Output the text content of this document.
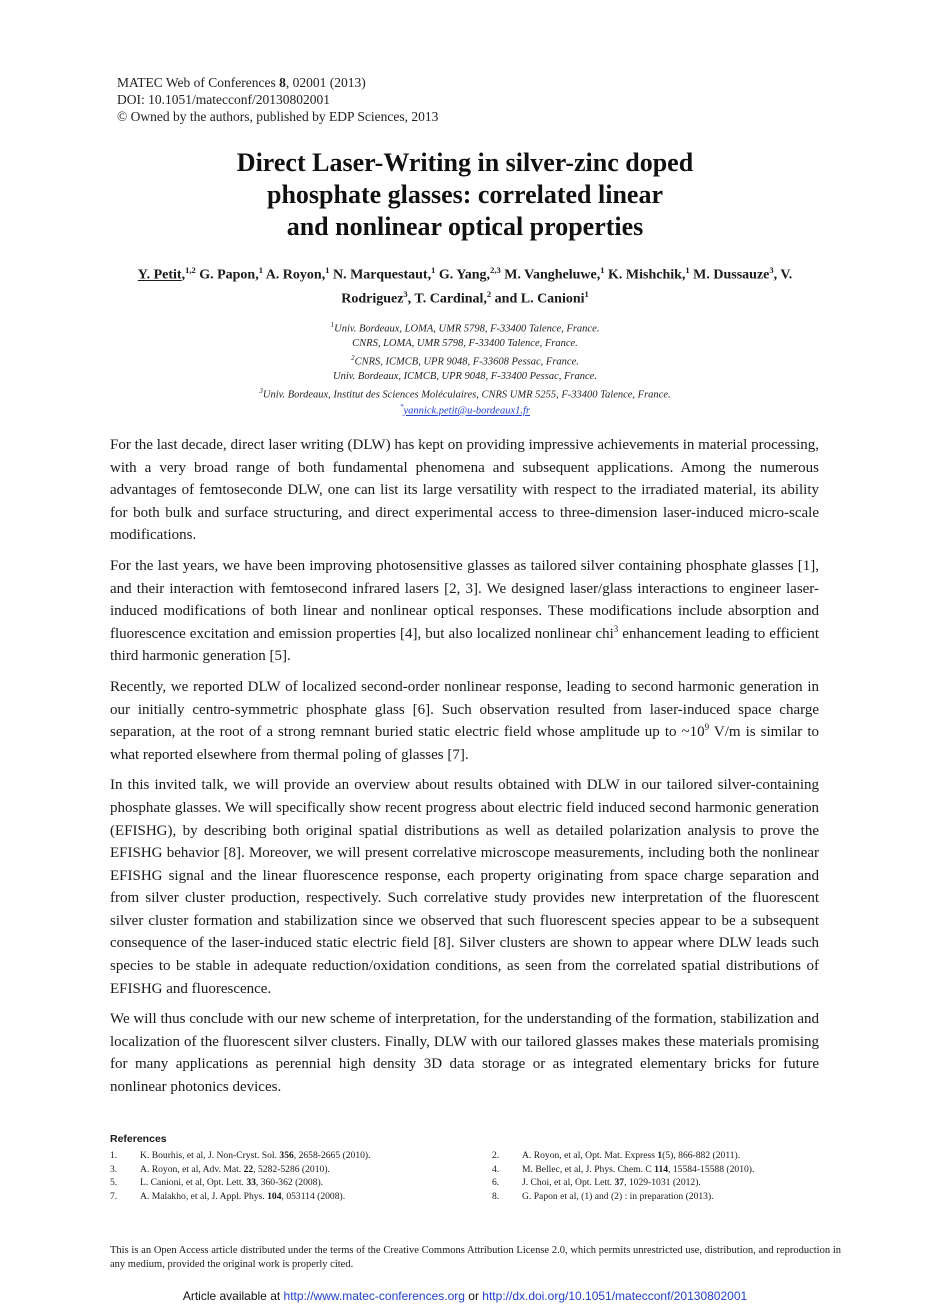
MATEC Web of Conferences 8, 02001 (2013)
DOI: 10.1051/matecconf/20130802001
© Owned by the authors, published by EDP Sciences, 2013
Direct Laser-Writing in silver-zinc doped
phosphate glasses: correlated linear
and nonlinear optical properties
Y. Petit,$^{1,2}$ G. Papon,$^1$ A. Royon,$^1$ N. Marquestaut,$^1$ G. Yang,$^{2,3}$ M. Vangheluwe,$^1$ K. Mishchik,$^1$ M. Dussauze$^3$, V. Rodriguez$^3$, T. Cardinal,$^2$ and L. Canioni$^1$
$^1$Univ. Bordeaux, LOMA, UMR 5798, F-33400 Talence, France.
CNRS, LOMA, UMR 5798, F-33400 Talence, France.
$^2$CNRS, ICMCB, UPR 9048, F-33608 Pessac, France.
Univ. Bordeaux, ICMCB, UPR 9048, F-33400 Pessac, France.
$^3$Univ. Bordeaux, Institut des Sciences Moléculaires, CNRS UMR 5255, F-33400 Talence, France.
*yannick.petit@u-bordeaux1.fr

For the last decade, direct laser writing (DLW) has kept on providing impressive achievements in material processing, with a very broad range of both fundamental phenomena and subsequent applications. Among the numerous advantages of femtoseconde DLW, one can list its large versatility with respect to the irradiated material, its ability for both bulk and surface structuring, and direct experimental access to three-dimension laser-induced micro-scale modifications.

For the last years, we have been improving photosensitive glasses as tailored silver containing phosphate glasses [1], and their interaction with femtosecond infrared lasers [2, 3]. We designed laser/glass interactions to engineer laser-induced modifications of both linear and nonlinear optical responses. These modifications include absorption and fluorescence excitation and emission properties [4], but also localized nonlinear chi$^3$ enhancement leading to efficient third harmonic generation [5].

Recently, we reported DLW of localized second-order nonlinear response, leading to second harmonic generation in our initially centro-symmetric phosphate glass [6]. Such observation resulted from laser-induced space charge separation, at the root of a strong remnant buried static electric field whose amplitude up to $\sim 10^9$ V/m is similar to what reported elsewhere from thermal poling of glasses [7].

In this invited talk, we will provide an overview about results obtained with DLW in our tailored silver-containing phosphate glasses. We will specifically show recent progress about electric field induced second harmonic generation (EFISHG), by describing both original spatial distributions as well as detailed polarization analysis to prove the EFISHG behavior [8]. Moreover, we will present correlative microscope measurements, including both the nonlinear EFISHG signal and the linear fluorescence response, each property originating from space charge separation and from silver cluster production, respectively. Such correlative study provides new interpretation of the fluorescent silver cluster formation and stabilization since we observed that such fluorescent species appear to be a subsequent consequence of the laser-induced static electric field [8]. Silver clusters are shown to appear where DLW leads such species to be stable in adequate reduction/oxidation conditions, as seen from the correlated spatial distributions of EFISHG and fluorescence.

We will thus conclude with our new scheme of interpretation, for the understanding of the formation, stabilization and localization of the fluorescent silver clusters. Finally, DLW with our tailored glasses makes these materials promising for many applications as perennial high density 3D data storage or as integrated elementary bricks for future nonlinear photonics devices.

References
1. K. Bourhis, et al, J. Non-Cryst. Sol. 356, 2658-2665 (2010).
3. A. Royon, et al, Adv. Mat. 22, 5282-5286 (2010).
5. L. Canioni, et al, Opt. Lett. 33, 360-362 (2008).
7. A. Malakho, et al, J. Appl. Phys. 104, 053114 (2008).
2. A. Royon, et al, Opt. Mat. Express 1(5), 866-882 (2011).
4. M. Bellec, et al, J. Phys. Chem. C 114, 15584-15588 (2010).
6. J. Choi, et al, Opt. Lett. 37, 1029-1031 (2012).
8. G. Papon et al, (1) and (2) : in preparation (2013).
This is an Open Access article distributed under the terms of the Creative Commons Attribution License 2.0, which permits unrestricted use, distribution, and reproduction in any medium, provided the original work is properly cited.
Article available at http://www.matec-conferences.org or http://dx.doi.org/10.1051/matecconf/20130802001
